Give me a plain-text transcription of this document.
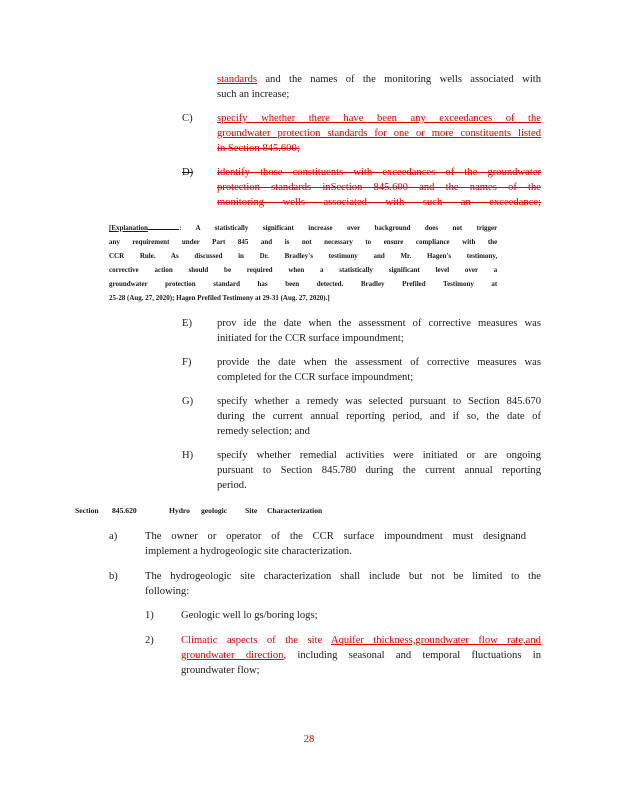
standards and the names of the monitoring wells associated with
such an increase;
C) specify whether there have been any exceedances of the
groundwater protection standards for one or more constituents listed
in Section 845.600;
D) identify those constituents with exceedances of the groundwater
protection standards inSection 845.600 and the names of the
monitoring wells associated with such an exceedance;
[Explanation	: A statistically significant increase over background does not trigger
any requirement under Part 845 and is not necessary to ensure compliance with the
CCR Rule. As discussed in Dr. Bradley's testimony and Mr. Hagen's testimony,
corrective action should be required when a statistically significant level over a
groundwater protection standard has been detected. Bradley Prefiled Testimony at
25-28 (Aug. 27, 2020); Hagen Prefiled Testimony at 29-31 (Aug. 27, 2020).]
E) prov ide the date when the assessment of corrective measures was
initiated for the CCR surface impoundment;
F) provide the date when the assessment of corrective measures was
completed for the CCR surface impoundment;
G) specify whether a remedy was selected pursuant to Section 845.670
during the current annual reporting period, and if so, the date of
remedy selection; and
H) specify whether remedial activities were initiated or are ongoing
pursuant to Section 845.780 during the current annual reporting
period.
Section 845.620	Hydro geologic Site Characterization
a)	The owner or operator of the CCR surface impoundment must designand
implement a hydrogeologic site characterization.
b)	The hydrogeologic site characterization shall include but not be limited to the
following:
1)	Geologic well lo gs/boring logs;
2)	Climatic aspects of the site Aquifer thickness,groundwater flow rate,and
groundwater direction, including seasonal and temporal fluctuations in
groundwater flow;
28
